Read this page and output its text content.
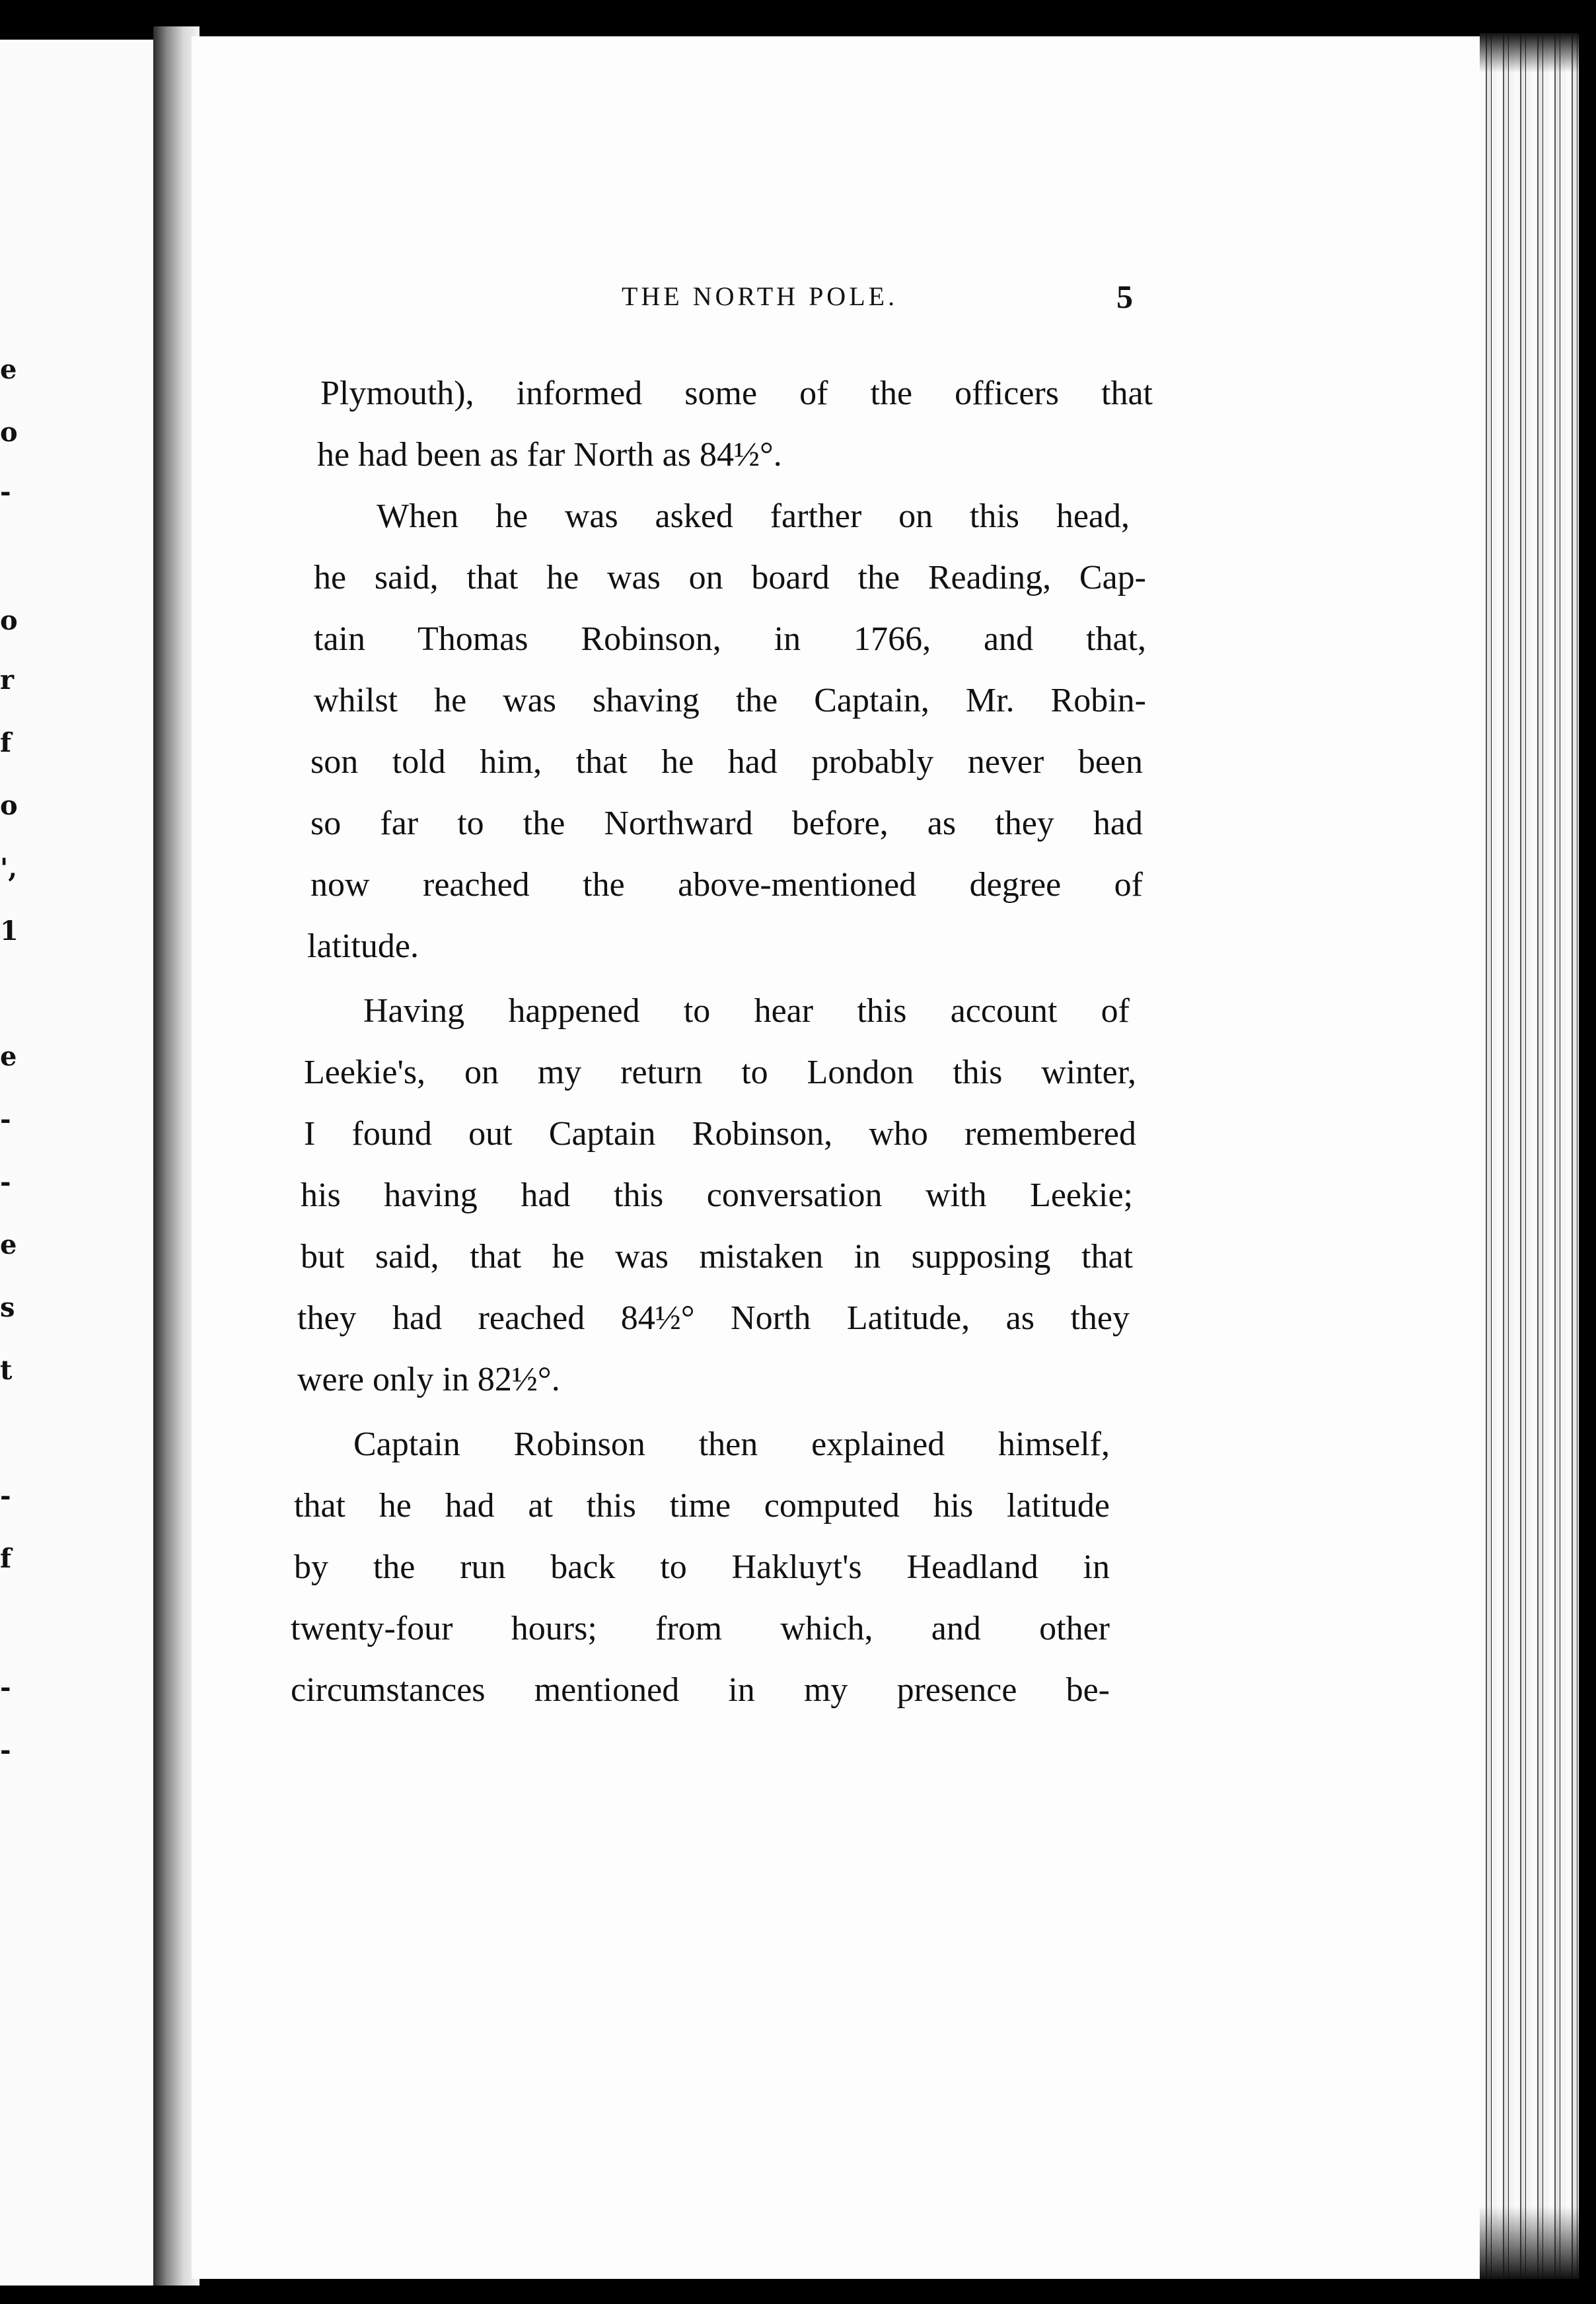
e
o
-
o
r
f
o
',
1
e
-
-
e
s
t
-
f
-
-
THE NORTH POLE.	5
Plymouth), informed some of the officers that
he had been as far North as 84½°.
When he was asked farther on this head,
he said, that he was on board the Reading, Cap-
tain Thomas Robinson, in 1766, and that,
whilst he was shaving the Captain, Mr. Robin-
son told him, that he had probably never been
so far to the Northward before, as they had
now reached the above-mentioned degree of
latitude.
Having happened to hear this account of
Leekie's, on my return to London this winter,
I found out Captain Robinson, who remembered
his having had this conversation with Leekie;
but said, that he was mistaken in supposing that
they had reached 84½° North Latitude, as they
were only in 82½°.
Captain Robinson then explained himself,
that he had at this time computed his latitude
by the run back to Hakluyt's Headland in
twenty-four hours; from which, and other
circumstances mentioned in my presence be-
